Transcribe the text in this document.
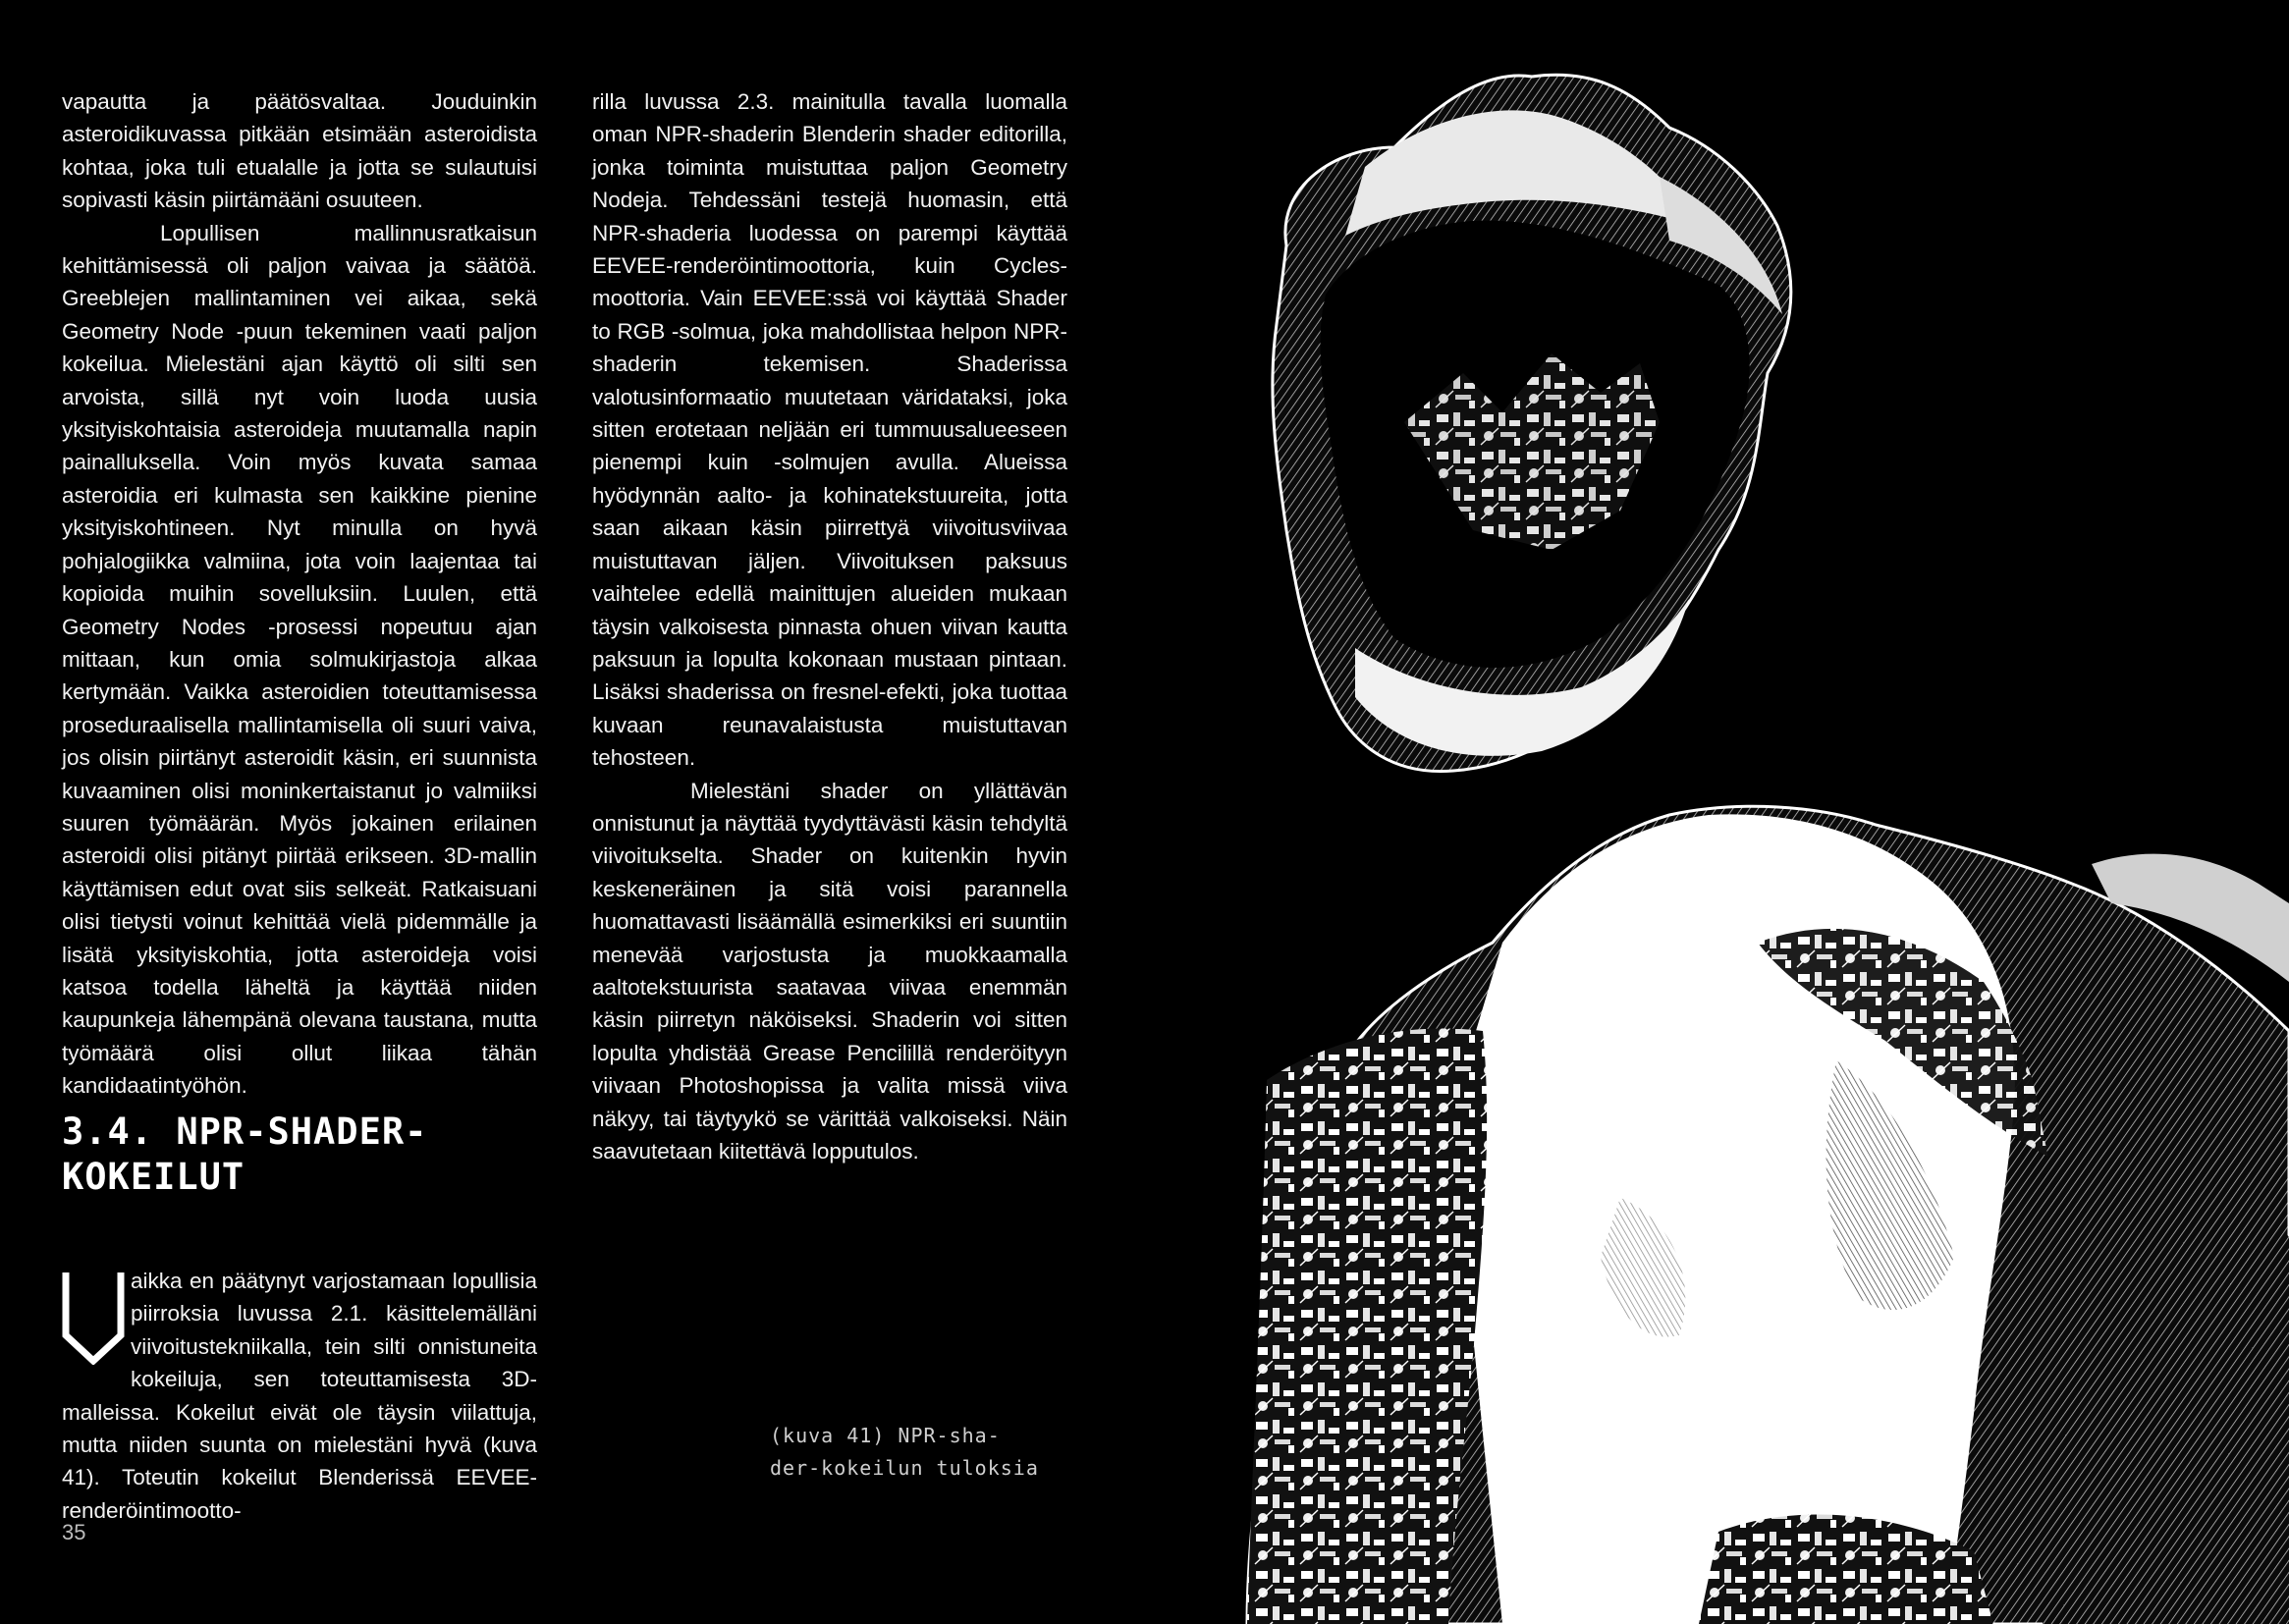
vapautta ja päätösvaltaa. Jouduinkin asteroidikuvassa pitkään etsimään asteroidista kohtaa, joka tuli etualalle ja jotta se sulautuisi sopivasti käsin piirtämääni osuuteen.

Lopullisen mallinnusratkaisun kehittämisessä oli paljon vaivaa ja säätöä. Greeblejen mallintaminen vei aikaa, sekä Geometry Node -puun tekeminen vaati paljon kokeilua. Mielestäni ajan käyttö oli silti sen arvoista, sillä nyt voin luoda uusia yksityiskohtaisia asteroideja muutamalla napin painalluksella. Voin myös kuvata samaa asteroidia eri kulmasta sen kaikkine pienine yksityiskohtineen. Nyt minulla on hyvä pohjalogiikka valmiina, jota voin laajentaa tai kopioida muihin sovelluksiin. Luulen, että Geometry Nodes -prosessi nopeutuu ajan mittaan, kun omia solmukirjastoja alkaa kertymään. Vaikka asteroidien toteuttamisessa proseduraalisella mallintamisella oli suuri vaiva, jos olisin piirtänyt asteroidit käsin, eri suunnista kuvaaminen olisi moninkertaistanut jo valmiiksi suuren työmäärän. Myös jokainen erilainen asteroidi olisi pitänyt piirtää erikseen. 3D-mallin käyttämisen edut ovat siis selkeät. Ratkaisuani olisi tietysti voinut kehittää vielä pidemmälle ja lisätä yksityiskohtia, jotta asteroideja voisi katsoa todella läheltä ja käyttää niiden kaupunkeja lähempänä olevana taustana, mutta työmäärä olisi ollut liikaa tähän kandidaatintyöhön.

3.4. NPR-SHADER-
KOKEILUT

aikka en päätynyt varjostamaan lopullisia piirroksia luvussa 2.1. käsittelemälläni viivoitustekniikalla, tein silti onnistuneita kokeiluja, sen toteuttamisesta 3D-malleissa. Kokeilut eivät ole täysin viilattuja, mutta niiden suunta on mielestäni hyvä (kuva 41). Toteutin kokeilut Blenderissä EEVEE-renderöintimootto-

rilla luvussa 2.3. mainitulla tavalla luomalla oman NPR-shaderin Blenderin shader editorilla, jonka toiminta muistuttaa paljon Geometry Nodeja. Tehdessäni testejä huomasin, että NPR-shaderia luodessa on parempi käyttää EEVEE-renderöintimoottoria, kuin Cycles-moottoria. Vain EEVEE:ssä voi käyttää Shader to RGB -solmua, joka mahdollistaa helpon NPR-shaderin tekemisen. Shaderissa valotusinformaatio muutetaan väridataksi, joka sitten erotetaan neljään eri tummuusalueeseen pienempi kuin -solmujen avulla. Alueissa hyödynnän aalto- ja kohinatekstuureita, jotta saan aikaan käsin piirrettyä viivoitusviivaa muistuttavan jäljen. Viivoituksen paksuus vaihtelee edellä mainittujen alueiden mukaan täysin valkoisesta pinnasta ohuen viivan kautta paksuun ja lopulta kokonaan mustaan pintaan. Lisäksi shaderissa on fresnel-efekti, joka tuottaa kuvaan reunavalaistusta muistuttavan tehosteen.

Mielestäni shader on yllättävän onnistunut ja näyttää tyydyttävästi käsin tehdyltä viivoitukselta. Shader on kuitenkin hyvin keskeneräinen ja sitä voisi parannella huomattavasti lisäämällä esimerkiksi eri suuntiin menevää varjostusta ja muokkaamalla aaltotekstuurista saatavaa viivaa enemmän käsin piirretyn näköiseksi. Shaderin voi sitten lopulta yhdistää Grease Pencilillä renderöityyn viivaan Photoshopissa ja valita missä viiva näkyy, tai täytyykö se värittää valkoiseksi. Näin saavutetaan kiitettävä lopputulos.

(kuva 41) NPR-sha-
der-kokeilun tuloksia
35
